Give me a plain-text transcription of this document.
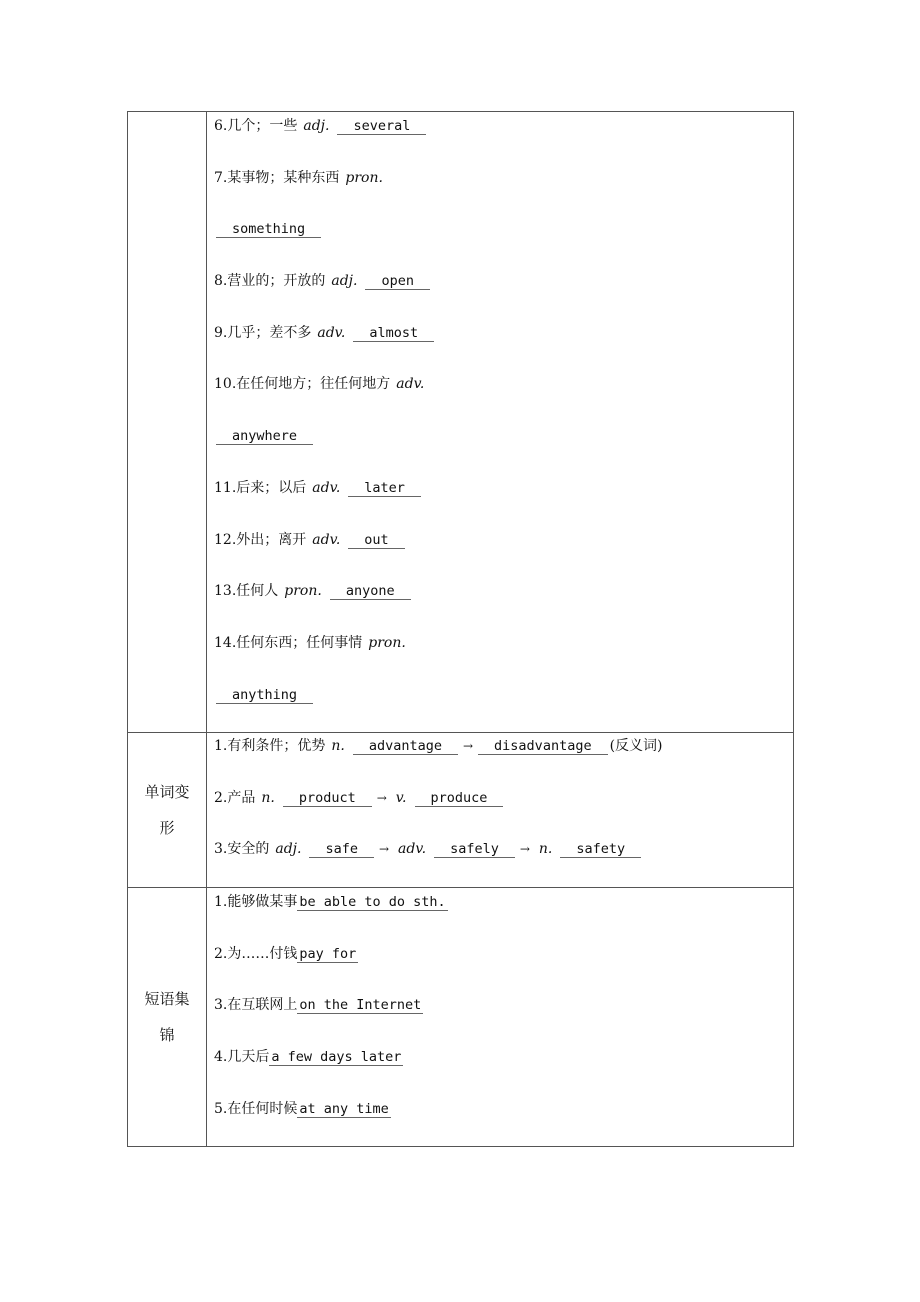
6.几个；一些 adj. several
7.某事物；某种东西 pron.
something
8.营业的；开放的 adj. open
9.几乎；差不多 adv. almost
10.在任何地方；往任何地方 adv.
anywhere
11.后来；以后 adv. later
12.外出；离开 adv. out
13.任何人 pron. anyone
14.任何东西；任何事情 pron.
anything
单词变
形
1.有利条件；优势 n. advantage → disadvantage (反义词)
2.产品 n. product → v. produce
3.安全的 adj. safe → adv. safely → n. safety
短语集
锦
1.能够做某事 be able to do sth.
2.为……付钱 pay for
3.在互联网上 on the Internet
4.几天后 a few days later
5.在任何时候 at any time
